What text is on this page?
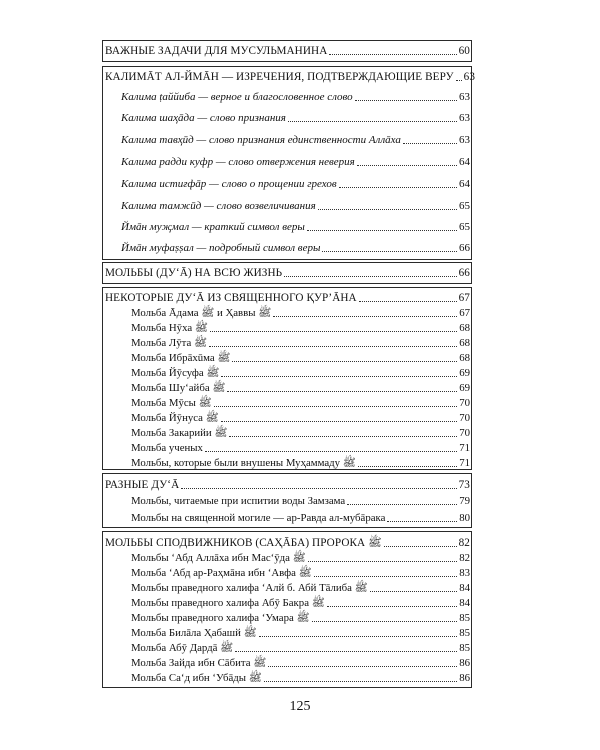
ВАЖНЫЕ ЗАДАЧИ ДЛЯ МУСУЛЬМАНИНА	60
КАЛИМĀТ АЛ-ЙМĀН — ИЗРЕЧЕНИЯ, ПОДТВЕРЖДАЮЩИЕ ВЕРУ 63
Калима ṭаййиба — верное и благословенное слово	63
Калима шаҳāда — слово признания	63
Калима тавҳūд — слово признания единственности Аллāха	63
Калима радди куфр — слово отвержения неверия	64
Калима истиғфāр — слово о прощении грехов	64
Калима тамжūд — слово возвеличивания	65
Ймāн муҗмал — краткий символ веры	65
Ймāн муфаṣṣал — подробный символ веры	66
МОЛЬБЫ (ДУ‘Ā) НА ВСЮ ЖИЗНЬ	66
НЕКОТОРЫЕ ДУ‘Ā ИЗ СВЯЩЕННОГО ҚУР’ĀНА	67
Мольба Āдама ﷺ и Ҳаввы ﷺ	67
Мольба Нӯха ﷺ	68
Мольба Лӯта ﷺ	68
Мольба Ибрāхūма ﷺ	68
Мольба Йӯсуфа ﷺ	69
Мольба Шу‘айба ﷺ	69
Мольба Мӯсы ﷺ	70
Мольба Йӯнуса ﷺ	70
Мольба Закарийи ﷺ	70
Мольба ученых	71
Мольбы, которые были внушены Муҳаммаду ﷺ	71
РАЗНЫЕ ДУ‘Ā	73
Мольбы, читаемые при испитии воды Замзама	79
Мольбы на священной могиле — ар-Равда ал-мубāрака	80
МОЛЬБЫ СПОДВИЖНИКОВ (САҲĀБА) ПРОРОКА ﷺ	82
Мольбы ‘Абд Аллāха ибн Мас‘ӯда ﷺ	82
Мольба ‘Абд ар-Раҳмāна ибн ‘Авфа ﷺ	83
Мольбы праведного халифа ‘Алй б. Абй Тāлиба ﷺ	84
Мольбы праведного халифа Абӯ Бакра ﷺ	84
Мольбы праведного халифа ‘Умара ﷺ	85
Мольба Билāла Ҳабашй ﷺ	85
Мольба Абӯ Дардā ﷺ	85
Мольба Зайда ибн Сāбита ﷺ	86
Мольба Са‘д ибн ‘Убāды ﷺ	86
125
